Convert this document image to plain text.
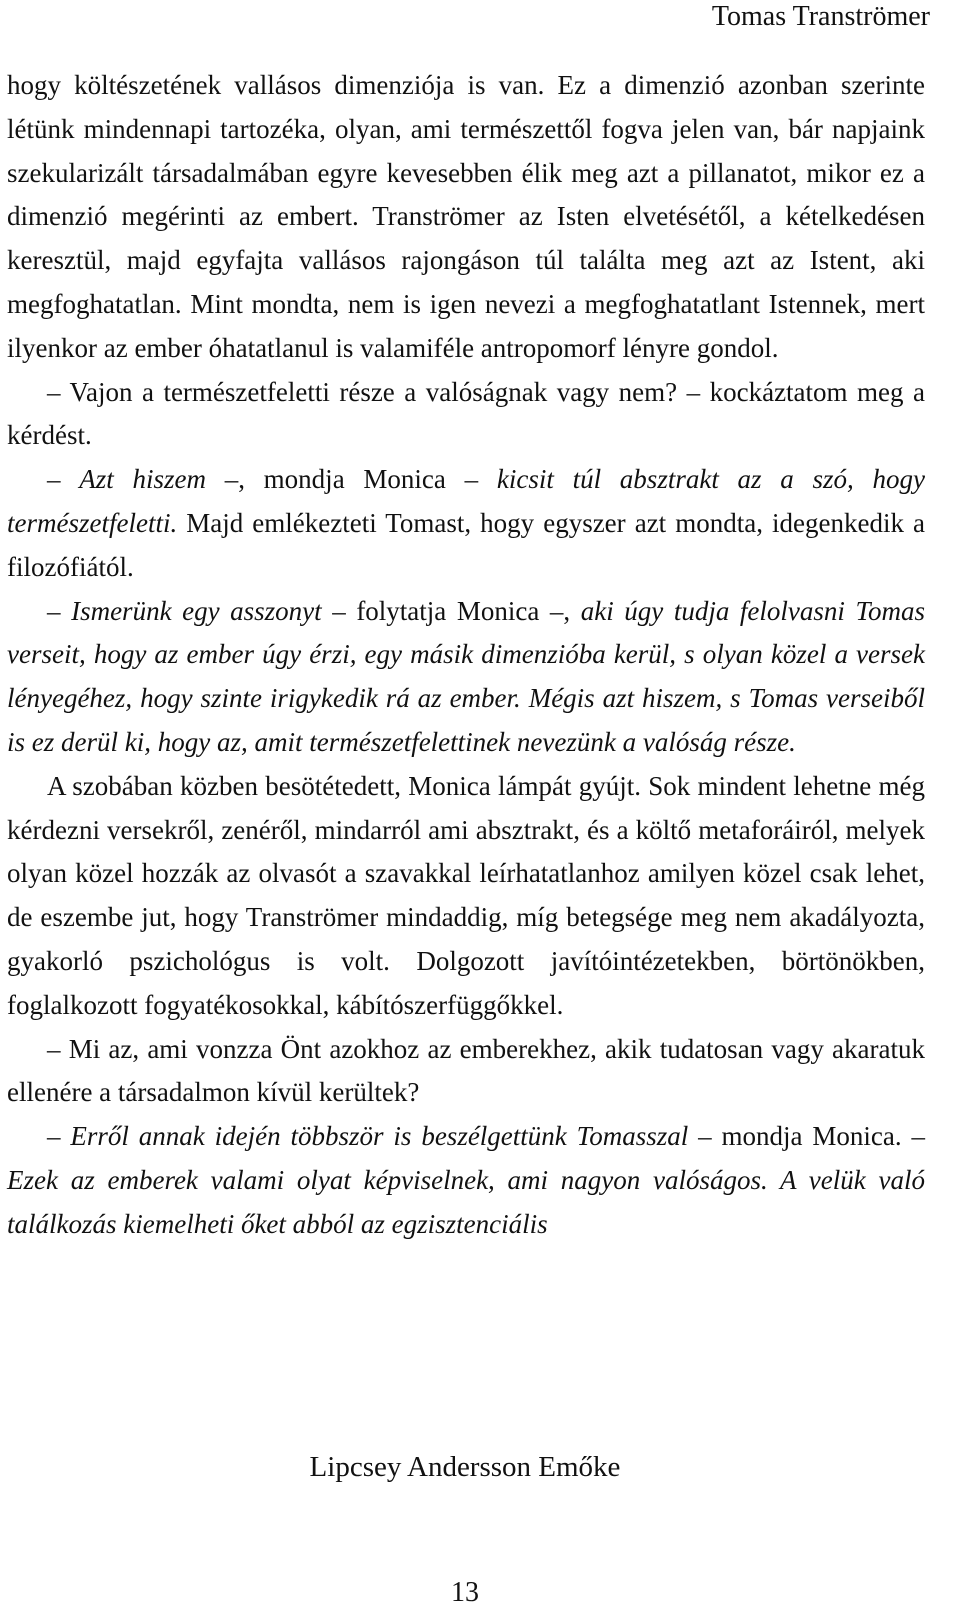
Tomas Tranströmer

hogy költészetének vallásos dimenziója is van. Ez a dimenzió azonban szerinte létünk mindennapi tartozéka, olyan, ami természettől fogva jelen van, bár napjaink szekularizált társadalmában egyre kevesebben élik meg azt a pillanatot, mikor ez a dimenzió megérinti az embert. Tranströmer az Isten elvetésétől, a kételkedésen keresztül, majd egyfajta vallásos rajongáson túl találta meg azt az Istent, aki megfoghatatlan. Mint mondta, nem is igen nevezi a megfoghatatlant Istennek, mert ilyenkor az ember óhatatlanul is valamiféle antropomorf lényre gondol.

– Vajon a természetfeletti része a valóságnak vagy nem? – kockáztatom meg a kérdést.

– Azt hiszem –, mondja Monica – kicsit túl absztrakt az a szó, hogy természetfeletti. Majd emlékezteti Tomast, hogy egyszer azt mondta, idegenkedik a filozófiától.

– Ismerünk egy asszonyt – folytatja Monica –, aki úgy tudja felolvasni Tomas verseit, hogy az ember úgy érzi, egy másik dimenzióba kerül, s olyan közel a versek lényegéhez, hogy szinte irigykedik rá az ember. Mégis azt hiszem, s Tomas verseiből is ez derül ki, hogy az, amit természetfelettinek nevezünk a valóság része.

A szobában közben besötétedett, Monica lámpát gyújt. Sok mindent lehetne még kérdezni versekről, zenéről, mindarról ami absztrakt, és a költő metaforáiról, melyek olyan közel hozzák az olvasót a szavakkal leírhatatlanhoz amilyen közel csak lehet, de eszembe jut, hogy Tranströmer mindaddig, míg betegsége meg nem akadályozta, gyakorló pszichológus is volt. Dolgozott javítóintézetekben, börtönökben, foglalkozott fogyatékosokkal, kábítószerfüggőkkel.

– Mi az, ami vonzza Önt azokhoz az emberekhez, akik tudatosan vagy akaratuk ellenére a társadalmon kívül kerültek?

– Erről annak idején többször is beszélgettünk Tomasszal – mondja Monica. – Ezek az emberek valami olyat képviselnek, ami nagyon valóságos. A velük való találkozás kiemelheti őket abból az egzisztenciális

Lipcsey Andersson Emőke
13
